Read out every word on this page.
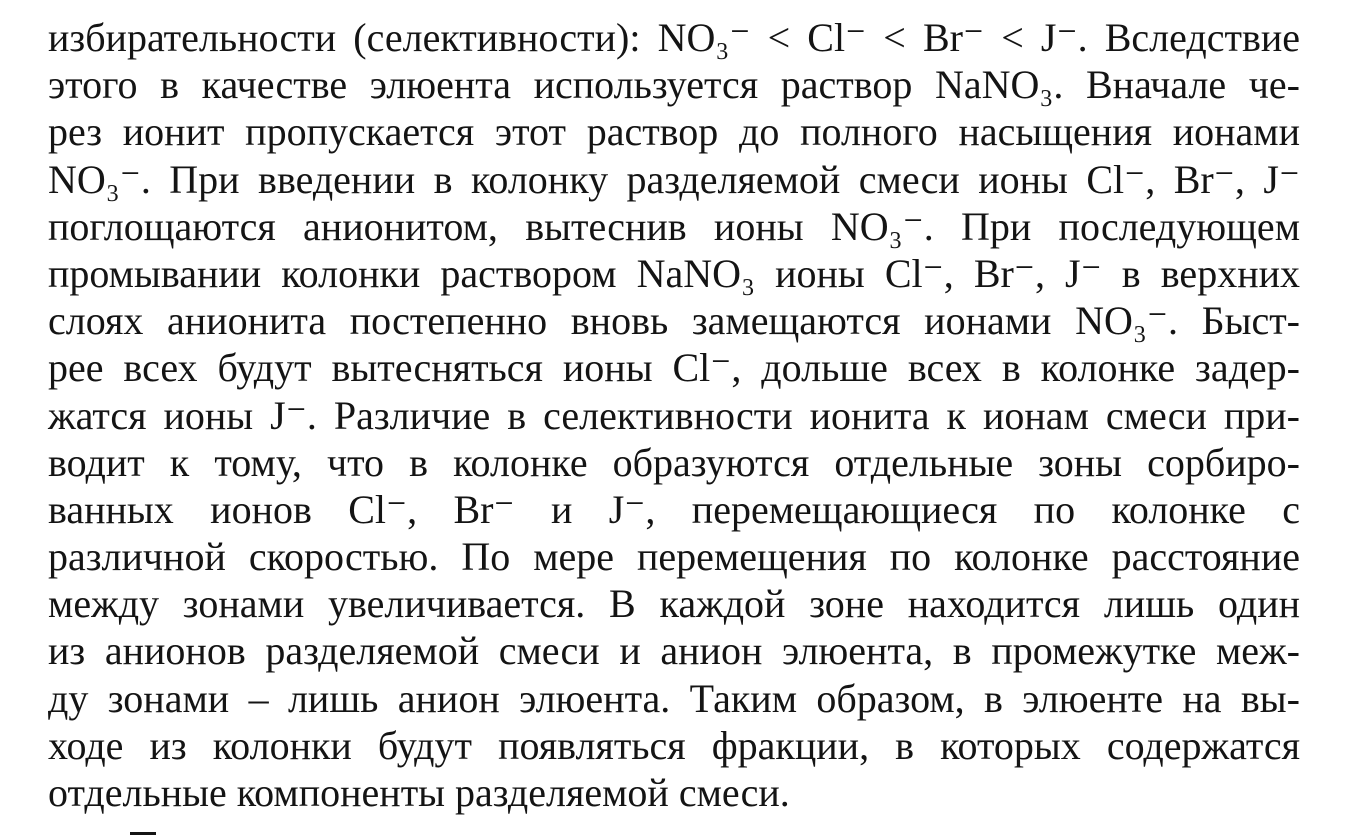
избирательности (селективности): NO₃⁻ < Cl⁻ < Br⁻ < J⁻. Вследствие
этого в качестве элюента используется раствор NaNO₃. Вначале че-
рез ионит пропускается этот раствор до полного насыщения ионами
NO₃⁻. При введении в колонку разделяемой смеси ионы Cl⁻, Br⁻, J⁻
поглощаются анионитом, вытеснив ионы NO₃⁻. При последующем
промывании колонки раствором NaNO₃ ионы Cl⁻, Br⁻, J⁻ в верхних
слоях анионита постепенно вновь замещаются ионами NO₃⁻. Быст-
рее всех будут вытесняться ионы Cl⁻, дольше всех в колонке задер-
жатся ионы J⁻. Различие в селективности ионита к ионам смеси при-
водит к тому, что в колонке образуются отдельные зоны сорбиро-
ванных ионов Cl⁻, Br⁻ и J⁻, перемещающиеся по колонке с
различной скоростью. По мере перемещения по колонке расстояние
между зонами увеличивается. В каждой зоне находится лишь один
из анионов разделяемой смеси и анион элюента, в промежутке меж-
ду зонами – лишь анион элюента. Таким образом, в элюенте на вы-
ходе из колонки будут появляться фракции, в которых содержатся
отдельные компоненты разделяемой смеси.
